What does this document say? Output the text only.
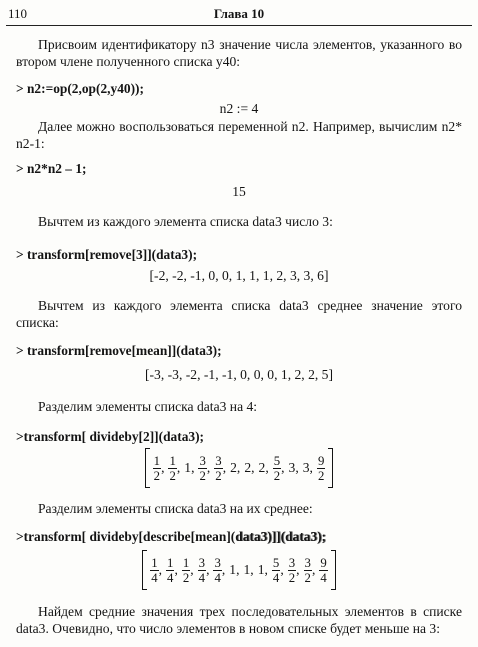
110	Глава 10
Присвоим идентификатору n3 значение числа элементов, указанного во втором члене полученного списка y40:
> n2:=op(2,op(2,y40));
n2 := 4
Далее можно воспользоваться переменной n2. Например, вычислим n2* n2-1:
> n2*n2 – 1;
15
Вычтем из каждого элемента списка data3 число 3:
> transform[remove[3]](data3);
[-2, -2, -1, 0, 0, 1, 1, 1, 2, 3, 3, 6]
Вычтем из каждого элемента списка data3 среднее значение этого списка:
> transform[remove[mean]](data3);
[-3, -3, -2, -1, -1, 0, 0, 0, 1, 2, 2, 5]
Разделим элементы списка data3 на 4:
>transform[ divideby[2]](data3);
$\frac{1}{2}$ , $\frac{1}{2}$ , 1 , $\frac{3}{2}$ , $\frac{3}{2}$ , 2 , 2 , 2 , $\frac{5}{2}$ , 3 , 3 , $\frac{9}{2}$
Разделим элементы списка data3 на их среднее:
>transform[ divideby[describe[mean](data3)]](data3); data3)]](data3);
$\frac{1}{4}$ , $\frac{1}{4}$ , $\frac{1}{2}$ , $\frac{3}{4}$ , $\frac{3}{4}$ , 1 , 1 , 1 , $\frac{5}{4}$ , $\frac{3}{2}$ , $\frac{3}{2}$ , $\frac{9}{4}$
Найдем средние значения трех последовательных элементов в списке data3. Очевидно, что число элементов в новом списке будет меньше на 3:
